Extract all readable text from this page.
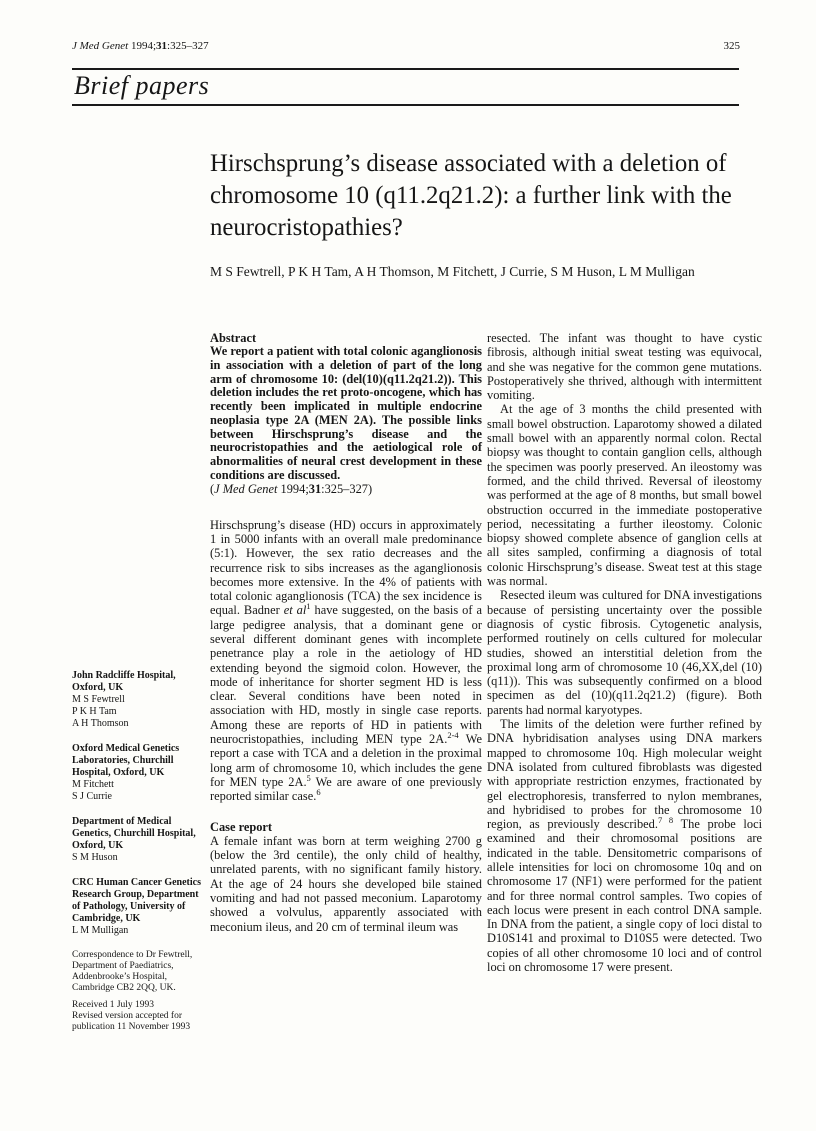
J Med Genet 1994;31:325–327	325
Brief papers
Hirschsprung’s disease associated with a deletion of chromosome 10 (q11.2q21.2): a further link with the neurocristopathies?
M S Fewtrell, P K H Tam, A H Thomson, M Fitchett, J Currie, S M Huson, L M Mulligan
John Radcliffe Hospital, Oxford, UK
M S Fewtrell
P K H Tam
A H Thomson
Oxford Medical Genetics Laboratories, Churchill Hospital, Oxford, UK
M Fitchett
S J Currie
Department of Medical Genetics, Churchill Hospital, Oxford, UK
S M Huson
CRC Human Cancer Genetics Research Group, Department of Pathology, University of Cambridge, UK
L M Mulligan
Correspondence to Dr Fewtrell, Department of Paediatrics, Addenbrooke’s Hospital, Cambridge CB2 2QQ, UK.
Received 1 July 1993
Revised version accepted for publication 11 November 1993
Abstract

We report a patient with total colonic aganglionosis in association with a deletion of part of the long arm of chromosome 10: (del(10)(q11.2q21.2)). This deletion includes the ret proto-oncogene, which has recently been implicated in multiple endocrine neoplasia type 2A (MEN 2A). The possible links between Hirschsprung’s disease and the neurocristopathies and the aetiological role of abnormalities of neural crest development in these conditions are discussed.

(J Med Genet 1994;31:325–327)

Hirschsprung’s disease (HD) occurs in approximately 1 in 5000 infants with an overall male predominance (5:1). However, the sex ratio decreases and the recurrence risk to sibs increases as the aganglionosis becomes more extensive. In the 4% of patients with total colonic aganglionosis (TCA) the sex incidence is equal. Badner et $al^1$ have suggested, on the basis of a large pedigree analysis, that a dominant gene or several different dominant genes with incomplete penetrance play a role in the aetiology of HD extending beyond the sigmoid colon. However, the mode of inheritance for shorter segment HD is less clear. Several conditions have been noted in association with HD, mostly in single case reports. Among these are reports of HD in patients with neurocristopathies, including MEN type 2A.$^{2-4}$ We report a case with TCA and a deletion in the proximal long arm of chromosome 10, which includes the gene for MEN type 2A.$^5$ We are aware of one previously reported similar case.$^6$

Case report

A female infant was born at term weighing 2700 g (below the 3rd centile), the only child of healthy, unrelated parents, with no significant family history. At the age of 24 hours she developed bile stained vomiting and had not passed meconium. Laparotomy showed a volvulus, apparently associated with meconium ileus, and 20 cm of terminal ileum was

resected. The infant was thought to have cystic fibrosis, although initial sweat testing was equivocal, and she was negative for the common gene mutations. Postoperatively she thrived, although with intermittent vomiting.

At the age of 3 months the child presented with small bowel obstruction. Laparotomy showed a dilated small bowel with an apparently normal colon. Rectal biopsy was thought to contain ganglion cells, although the specimen was poorly preserved. An ileostomy was formed, and the child thrived. Reversal of ileostomy was performed at the age of 8 months, but small bowel obstruction occurred in the immediate postoperative period, necessitating a further ileostomy. Colonic biopsy showed complete absence of ganglion cells at all sites sampled, confirming a diagnosis of total colonic Hirschsprung’s disease. Sweat test at this stage was normal.

Resected ileum was cultured for DNA investigations because of persisting uncertainty over the possible diagnosis of cystic fibrosis. Cytogenetic analysis, performed routinely on cells cultured for molecular studies, showed an interstitial deletion from the proximal long arm of chromosome 10 (46,XX,del (10)(q11)). This was subsequently confirmed on a blood specimen as del (10)(q11.2q21.2) (figure). Both parents had normal karyotypes.

The limits of the deletion were further refined by DNA hybridisation analyses using DNA markers mapped to chromosome 10q. High molecular weight DNA isolated from cultured fibroblasts was digested with appropriate restriction enzymes, fractionated by gel electrophoresis, transferred to nylon membranes, and hybridised to probes for the chromosome 10 region, as previously described.$^{7 8}$ The probe loci examined and their chromosomal positions are indicated in the table. Densitometric comparisons of allele intensities for loci on chromosome 10q and on chromosome 17 (NF1) were performed for the patient and for three normal control samples. Two copies of each locus were present in each control DNA sample. In DNA from the patient, a single copy of loci distal to D10S141 and proximal to D10S5 were detected. Two copies of all other chromosome 10 loci and of control loci on chromosome 17 were present.
